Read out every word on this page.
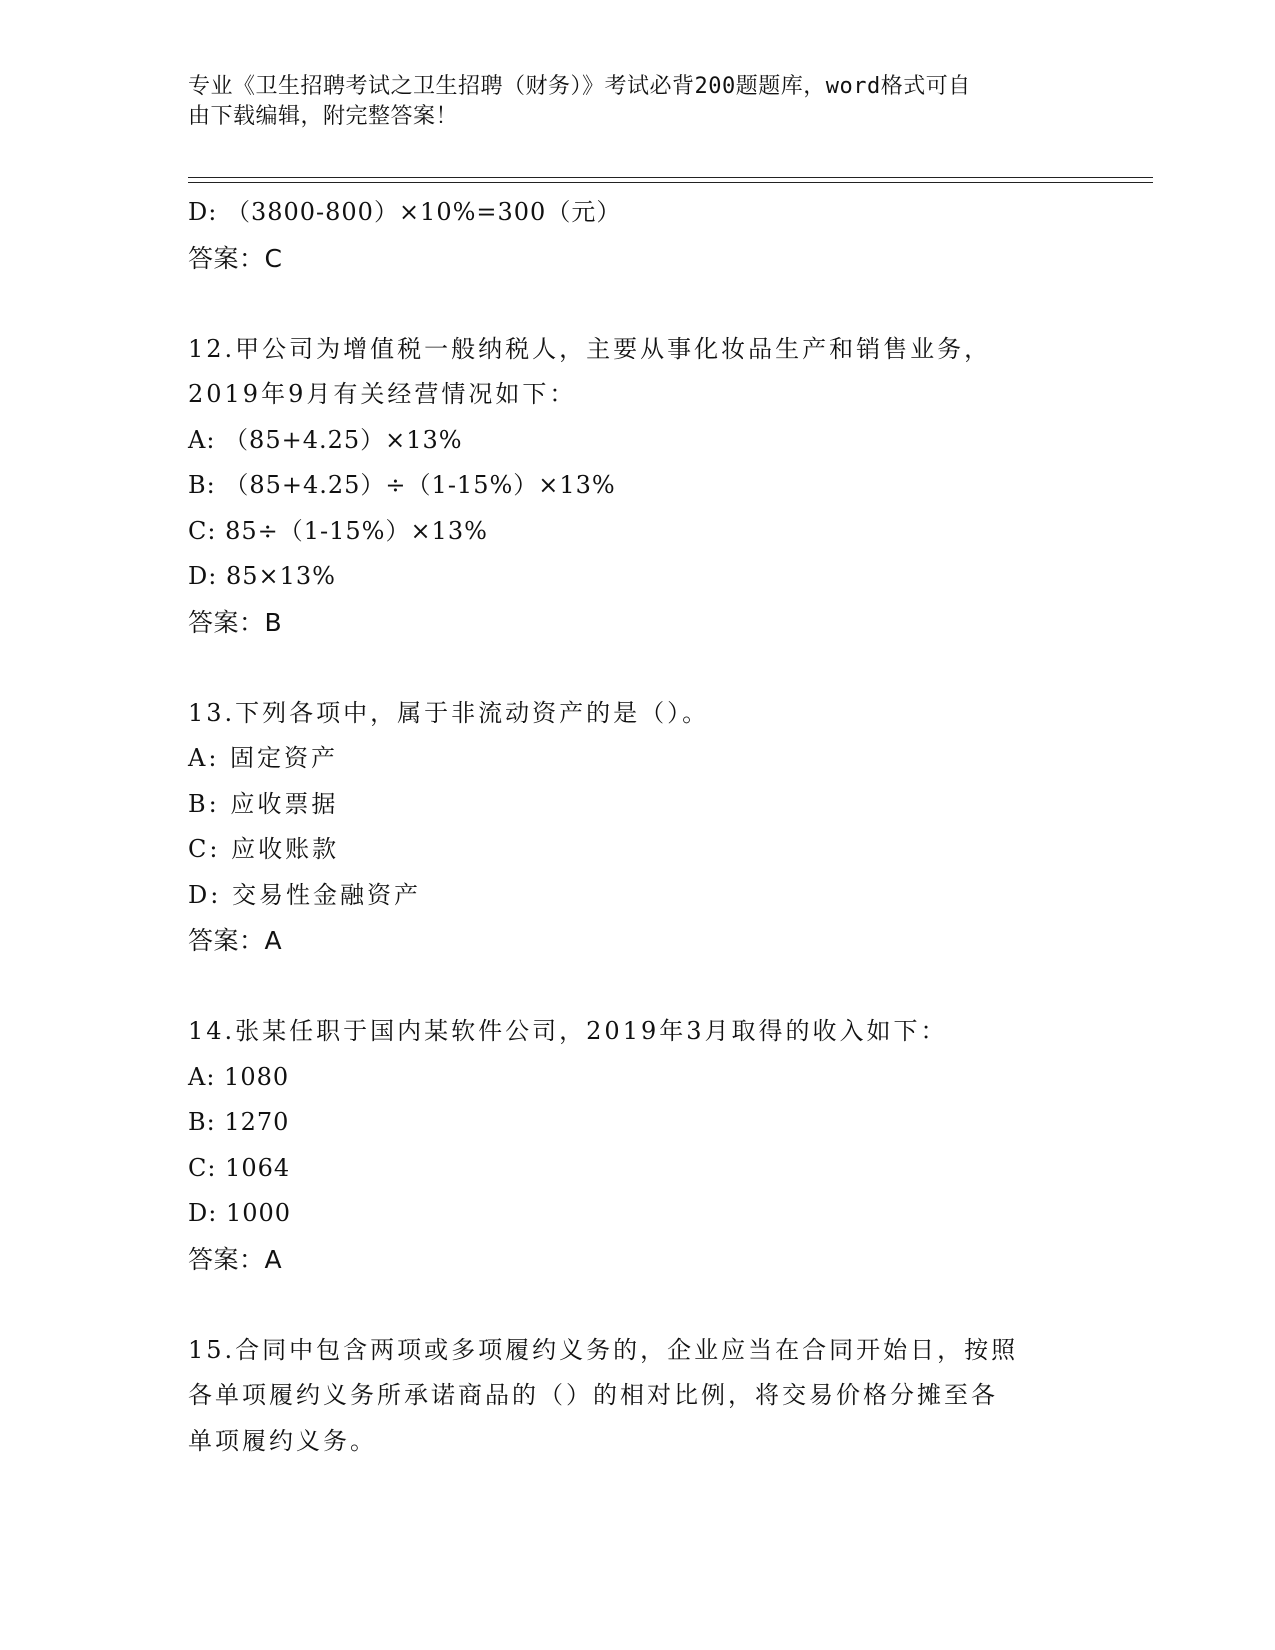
专业《卫生招聘考试之卫生招聘（财务）》考试必背200题题库，word格式可自
由下载编辑，附完整答案！
D: （3800-800）×10%=300（元）
答案：C
12.甲公司为增值税一般纳税人，主要从事化妆品生产和销售业务，
2019年9月有关经营情况如下：
A: （85+4.25）×13%
B: （85+4.25）÷（1-15%）×13%
C: 85÷（1-15%）×13%
D: 85×13%
答案：B
13.下列各项中，属于非流动资产的是（）。
A: 固定资产
B: 应收票据
C: 应收账款
D: 交易性金融资产
答案：A
14.张某任职于国内某软件公司，2019年3月取得的收入如下：
A: 1080
B: 1270
C: 1064
D: 1000
答案：A
15.合同中包含两项或多项履约义务的，企业应当在合同开始日，按照
各单项履约义务所承诺商品的（）的相对比例，将交易价格分摊至各
单项履约义务。
